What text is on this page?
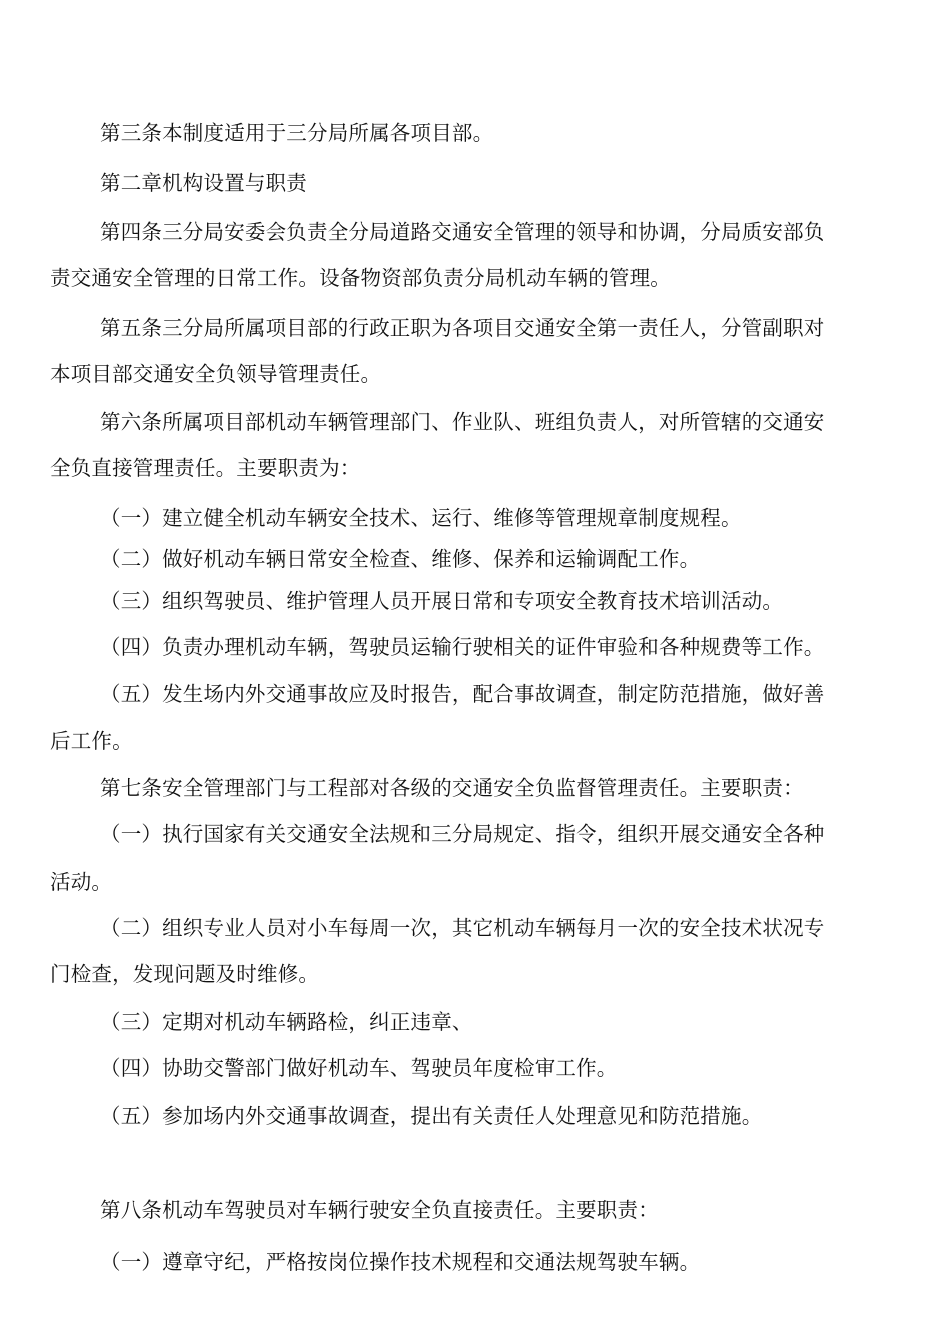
第三条本制度适用于三分局所属各项目部。
第二章机构设置与职责
第四条三分局安委会负责全分局道路交通安全管理的领导和协调，分局质安部负
责交通安全管理的日常工作。设备物资部负责分局机动车辆的管理。
第五条三分局所属项目部的行政正职为各项目交通安全第一责任人，分管副职对
本项目部交通安全负领导管理责任。
第六条所属项目部机动车辆管理部门、作业队、班组负责人，对所管辖的交通安
全负直接管理责任。主要职责为：
（一）建立健全机动车辆安全技术、运行、维修等管理规章制度规程。
（二）做好机动车辆日常安全检查、维修、保养和运输调配工作。
（三）组织驾驶员、维护管理人员开展日常和专项安全教育技术培训活动。
（四）负责办理机动车辆，驾驶员运输行驶相关的证件审验和各种规费等工作。
（五）发生场内外交通事故应及时报告，配合事故调查，制定防范措施，做好善
后工作。
第七条安全管理部门与工程部对各级的交通安全负监督管理责任。主要职责：
（一）执行国家有关交通安全法规和三分局规定、指令，组织开展交通安全各种
活动。
（二）组织专业人员对小车每周一次，其它机动车辆每月一次的安全技术状况专
门检查，发现问题及时维修。
（三）定期对机动车辆路检，纠正违章、
（四）协助交警部门做好机动车、驾驶员年度检审工作。
（五）参加场内外交通事故调查，提出有关责任人处理意见和防范措施。
第八条机动车驾驶员对车辆行驶安全负直接责任。主要职责：
（一）遵章守纪，严格按岗位操作技术规程和交通法规驾驶车辆。
